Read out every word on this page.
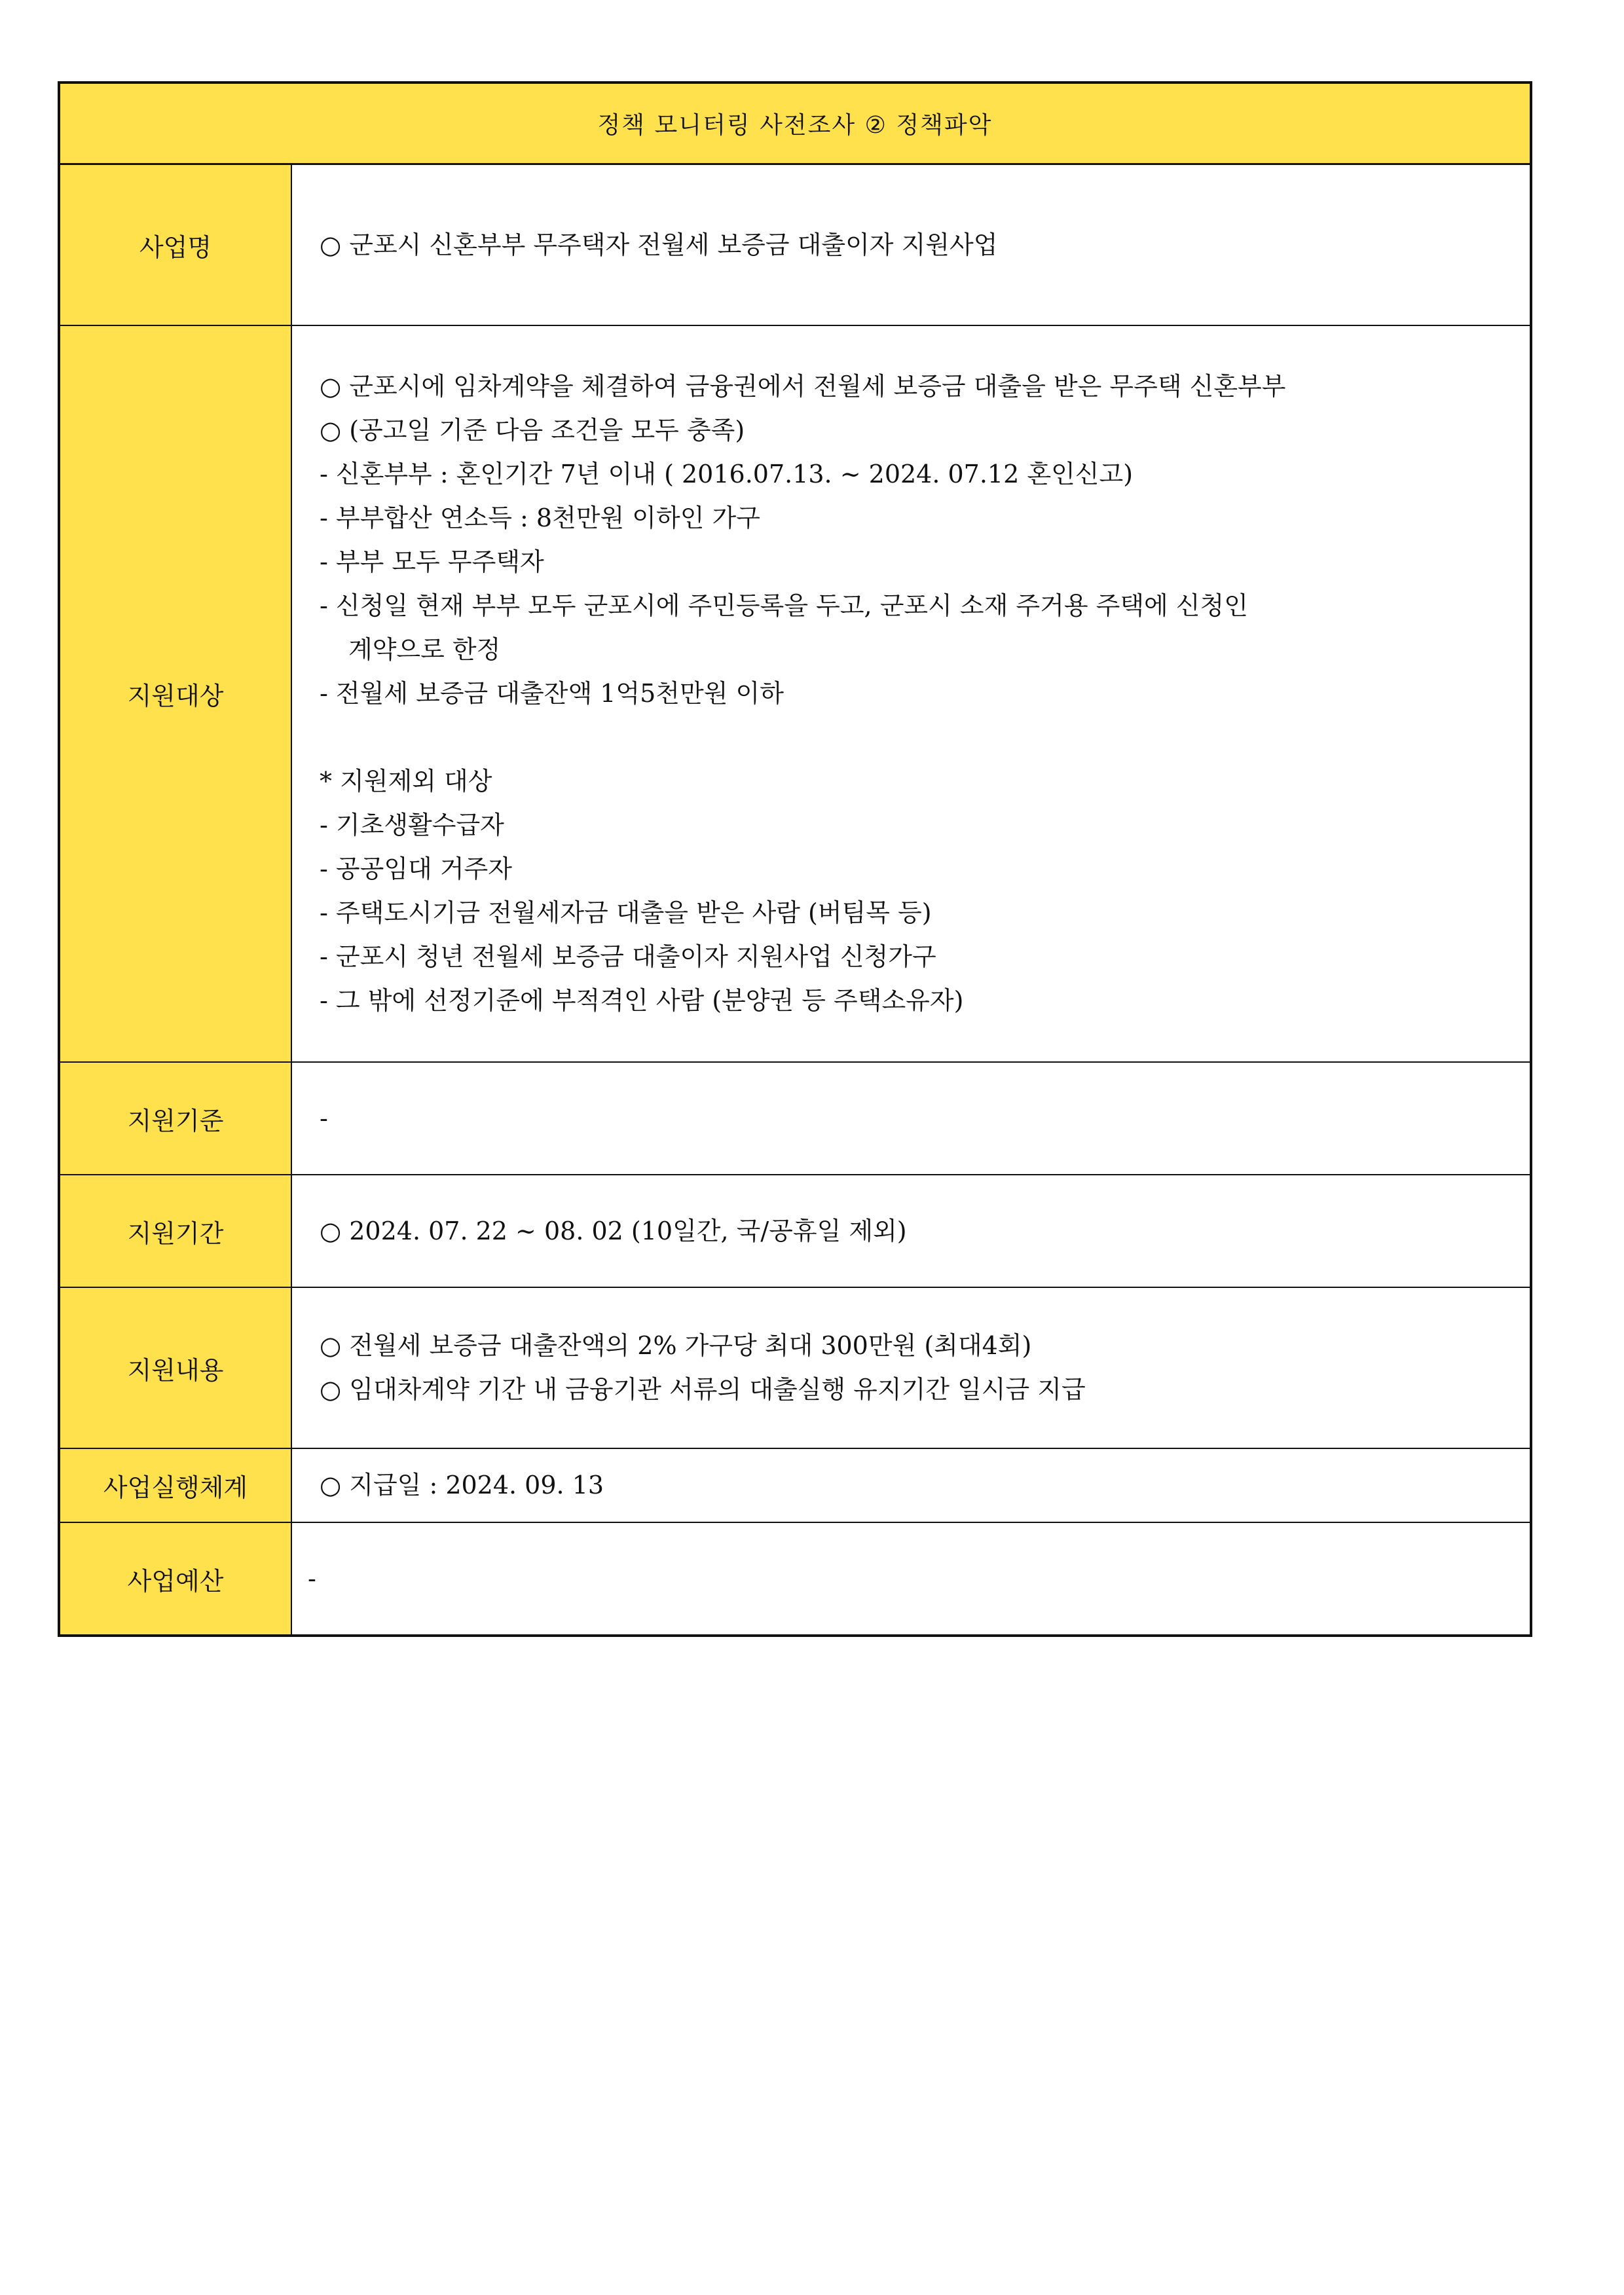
정책 모니터링 사전조사 ② 정책파악
사업명	○ 군포시 신혼부부 무주택자 전월세 보증금 대출이자 지원사업
지원대상
○ 군포시에 임차계약을 체결하여 금융권에서 전월세 보증금 대출을 받은 무주택 신혼부부
○ (공고일 기준 다음 조건을 모두 충족)
- 신혼부부 : 혼인기간 7년 이내 ( 2016.07.13. ~ 2024. 07.12 혼인신고)
- 부부합산 연소득 : 8천만원 이하인 가구
- 부부 모두 무주택자
- 신청일 현재 부부 모두 군포시에 주민등록을 두고, 군포시 소재 주거용 주택에 신청인
계약으로 한정
- 전월세 보증금 대출잔액 1억5천만원 이하
* 지원제외 대상
- 기초생활수급자
- 공공임대 거주자
- 주택도시기금 전월세자금 대출을 받은 사람 (버팀목 등)
- 군포시 청년 전월세 보증금 대출이자 지원사업 신청가구
- 그 밖에 선정기준에 부적격인 사람 (분양권 등 주택소유자)
지원기준	-
지원기간	○ 2024. 07. 22 ~ 08. 02 (10일간, 국/공휴일 제외)
지원내용
○ 전월세 보증금 대출잔액의 2% 가구당 최대 300만원 (최대4회)
○ 임대차계약 기간 내 금융기관 서류의 대출실행 유지기간 일시금 지급
사업실행체계	○ 지급일 : 2024. 09. 13
사업예산	-
